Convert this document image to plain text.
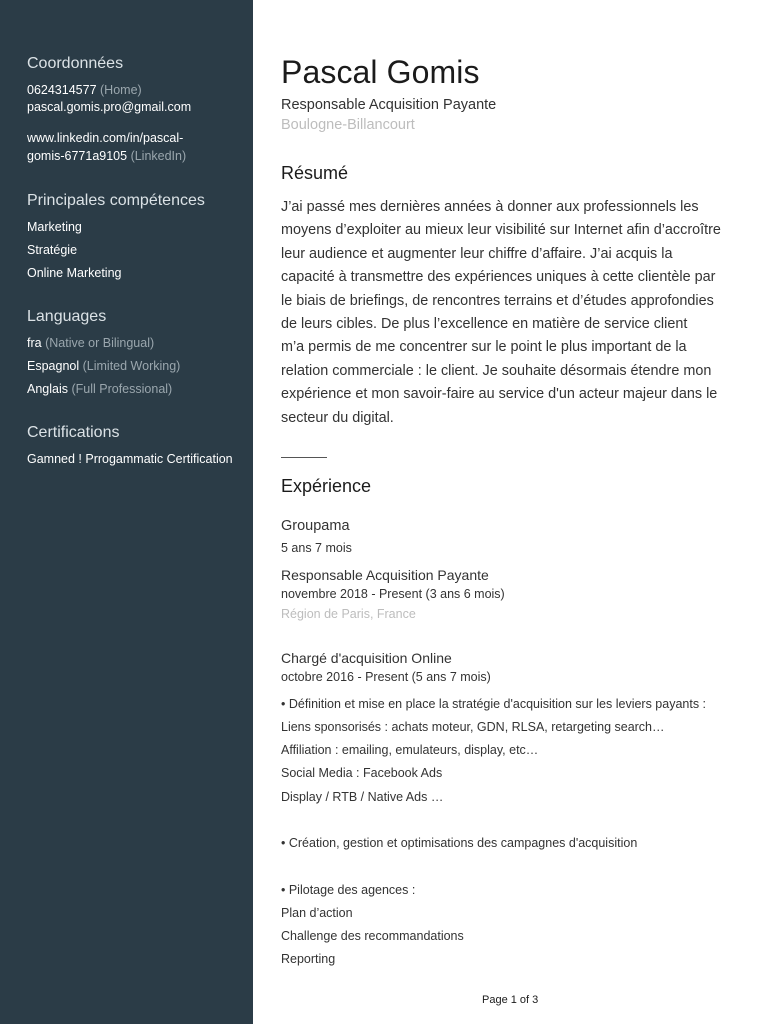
Coordonnées
0624314577 (Home)
pascal.gomis.pro@gmail.com
www.linkedin.com/in/pascal-
gomis-6771a9105 (LinkedIn)
Principales compétences
Marketing
Stratégie
Online Marketing
Languages
fra (Native or Bilingual)
Espagnol (Limited Working)
Anglais (Full Professional)
Certifications
Gamned ! Prrogammatic Certification
Pascal Gomis
Responsable Acquisition Payante
Boulogne-Billancourt
Résumé

J’ai passé mes dernières années à donner aux professionnels les

moyens d’exploiter au mieux leur visibilité sur Internet afin d’accroître

leur audience et augmenter leur chiffre d’affaire. J’ai acquis la

capacité à transmettre des expériences uniques à cette clientèle par

le biais de briefings, de rencontres terrains et d’études approfondies

de leurs cibles. De plus l’excellence en matière de service client

m’a permis de me concentrer sur le point le plus important de la

relation commerciale : le client. Je souhaite désormais étendre mon

expérience et mon savoir-faire au service d'un acteur majeur dans le

secteur du digital.

Expérience
Groupama
5 ans 7 mois
Responsable Acquisition Payante
novembre 2018 - Present (3 ans 6 mois)
Région de Paris, France
Chargé d'acquisition Online
octobre 2016 - Present (5 ans 7 mois)
• Définition et mise en place la stratégie d'acquisition sur les leviers payants :
Liens sponsorisés : achats moteur, GDN, RLSA, retargeting search…
Affiliation : emailing, emulateurs, display, etc…
Social Media : Facebook Ads
Display / RTB / Native Ads …
• Création, gestion et optimisations des campagnes d'acquisition
• Pilotage des agences :
Plan d’action
Challenge des recommandations
Reporting
Page 1 of 3
